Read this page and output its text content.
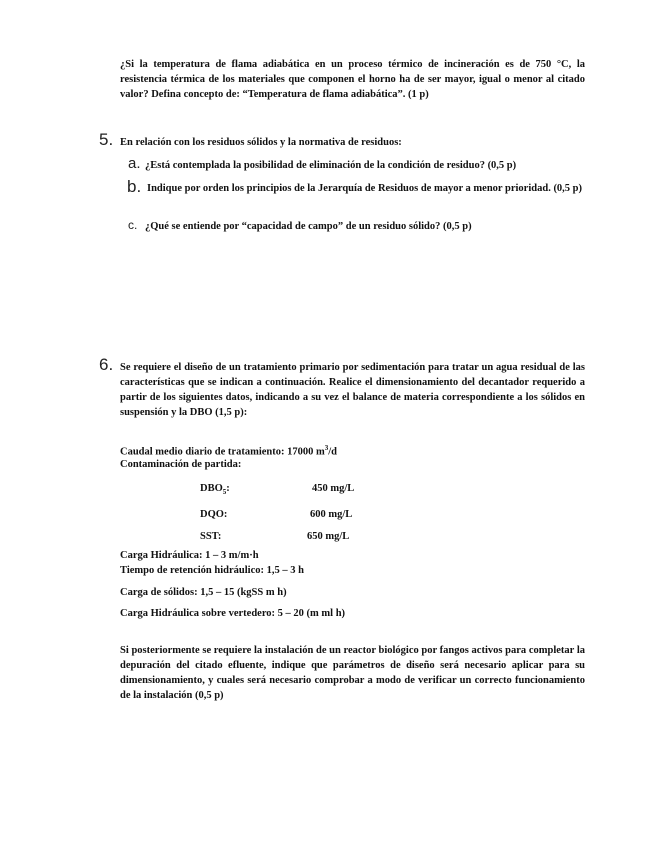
¿Si la temperatura de flama adiabática en un proceso térmico de incineración es de 750 °C, la resistencia térmica de los materiales que componen el horno ha de ser mayor, igual o menor al citado valor? Defina concepto de: “Temperatura de flama adiabática”. (1 p)
5. En relación con los residuos sólidos y la normativa de residuos:
a. ¿Está contemplada la posibilidad de eliminación de la condición de residuo? (0,5 p)
b. Indique por orden los principios de la Jerarquía de Residuos de mayor a menor prioridad. (0,5 p)
c. ¿Qué se entiende por “capacidad de campo” de un residuo sólido? (0,5 p)
6. Se requiere el diseño de un tratamiento primario por sedimentación para tratar un agua residual de las características que se indican a continuación. Realice el dimensionamiento del decantador requerido a partir de los siguientes datos, indicando a su vez el balance de materia correspondiente a los sólidos en suspensión y la DBO (1,5 p):
Caudal medio diario de tratamiento: 17000 $m^3/d$
Contaminación de partida:
$DBO_5$:	450 mg/L
DQO:	600 mg/L
SST:	650 mg/L
Carga Hidráulica: 1 – 3 m/m·h
Tiempo de retención hidráulico: 1,5 – 3 h
Carga de sólidos: 1,5 – 15 (kgSS m h)
Carga Hidráulica sobre vertedero: 5 – 20 (m ml h)
Si posteriormente se requiere la instalación de un reactor biológico por fangos activos para completar la depuración del citado efluente, indique que parámetros de diseño será necesario aplicar para su dimensionamiento, y cuales será necesario comprobar a modo de verificar un correcto funcionamiento de la instalación (0,5 p)
